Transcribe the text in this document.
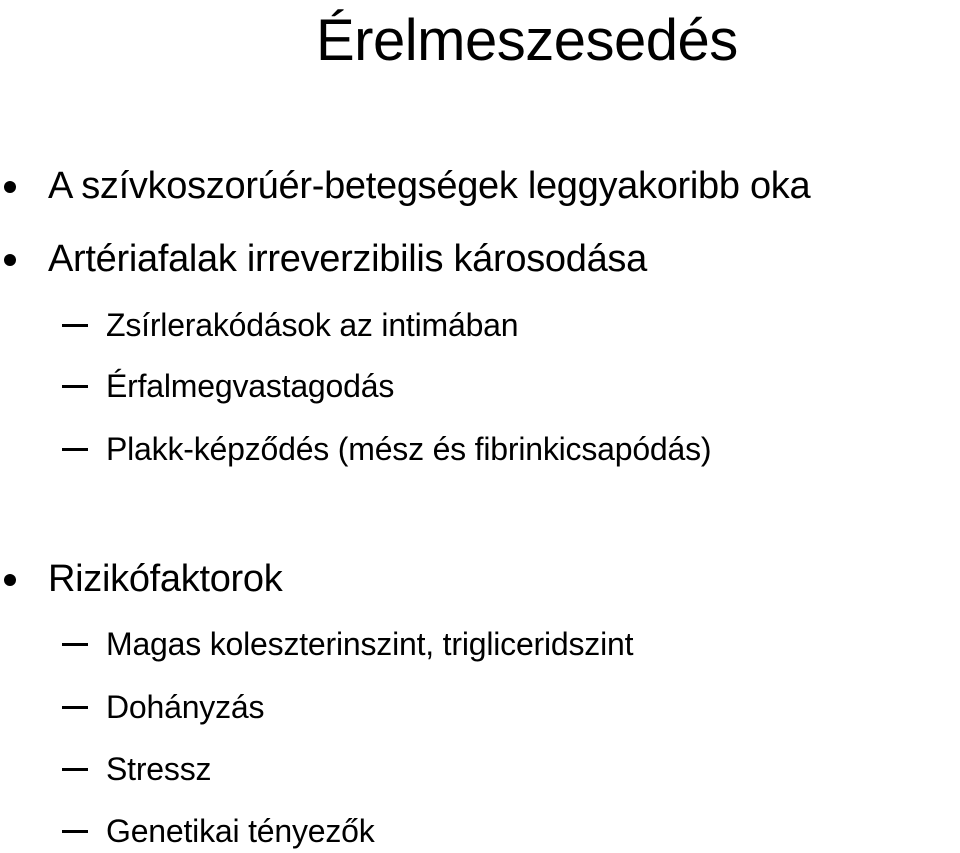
Érelmeszesedés
A szívkoszorúér-betegségek leggyakoribb oka
Artériafalak irreverzibilis károsodása
Zsírlerakódások az intimában
Érfalmegvastagodás
Plakk-képződés (mész és fibrinkicsapódás)
Rizikófaktorok
Magas koleszterinszint, trigliceridszint
Dohányzás
Stressz
Genetikai tényezők
